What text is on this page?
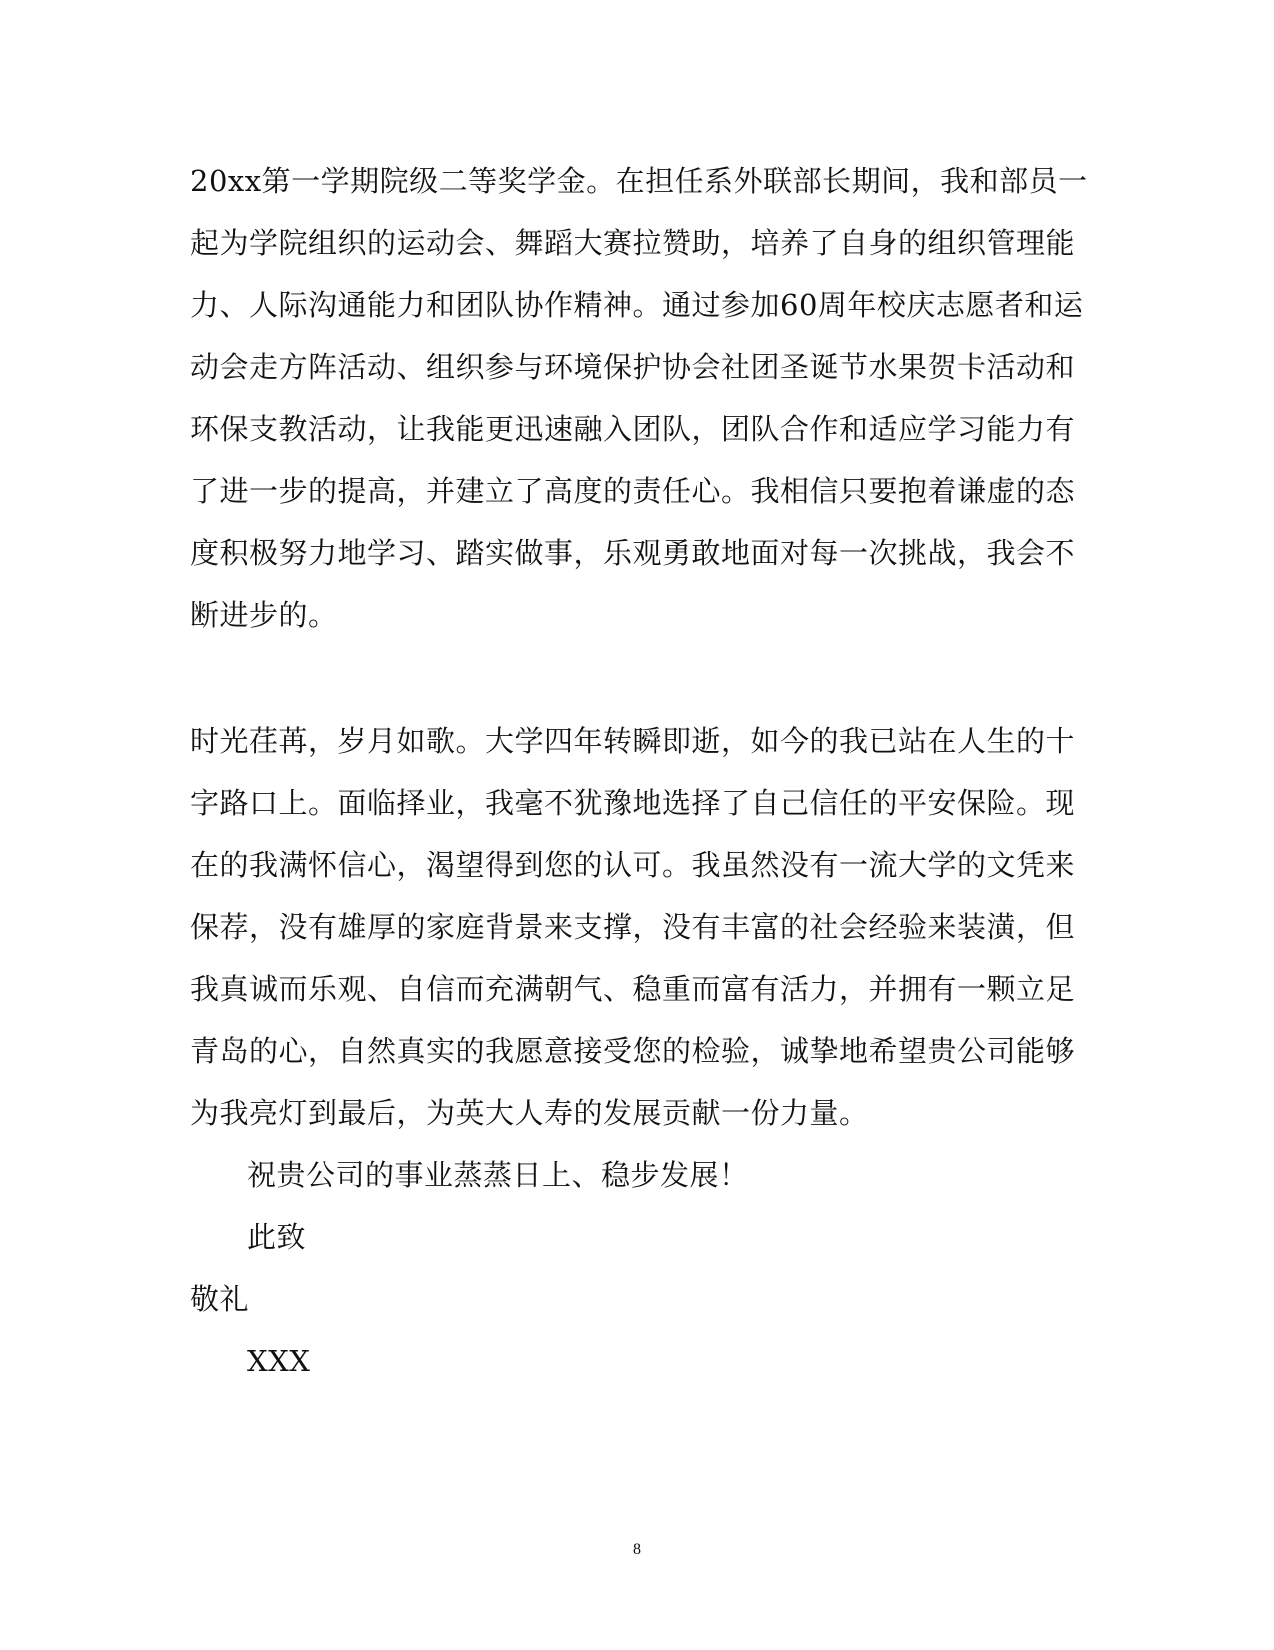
20xx第一学期院级二等奖学金。在担任系外联部长期间，我和部员一
起为学院组织的运动会、舞蹈大赛拉赞助，培养了自身的组织管理能
力、人际沟通能力和团队协作精神。通过参加60周年校庆志愿者和运
动会走方阵活动、组织参与环境保护协会社团圣诞节水果贺卡活动和
环保支教活动，让我能更迅速融入团队，团队合作和适应学习能力有
了进一步的提高，并建立了高度的责任心。我相信只要抱着谦虚的态
度积极努力地学习、踏实做事，乐观勇敢地面对每一次挑战，我会不
断进步的。
时光荏苒，岁月如歌。大学四年转瞬即逝，如今的我已站在人生的十
字路口上。面临择业，我毫不犹豫地选择了自己信任的平安保险。现
在的我满怀信心，渴望得到您的认可。我虽然没有一流大学的文凭来
保荐，没有雄厚的家庭背景来支撑，没有丰富的社会经验来装潢，但
我真诚而乐观、自信而充满朝气、稳重而富有活力，并拥有一颗立足
青岛的心，自然真实的我愿意接受您的检验，诚挚地希望贵公司能够
为我亮灯到最后，为英大人寿的发展贡献一份力量。
祝贵公司的事业蒸蒸日上、稳步发展！
此致
敬礼
XXX
8
